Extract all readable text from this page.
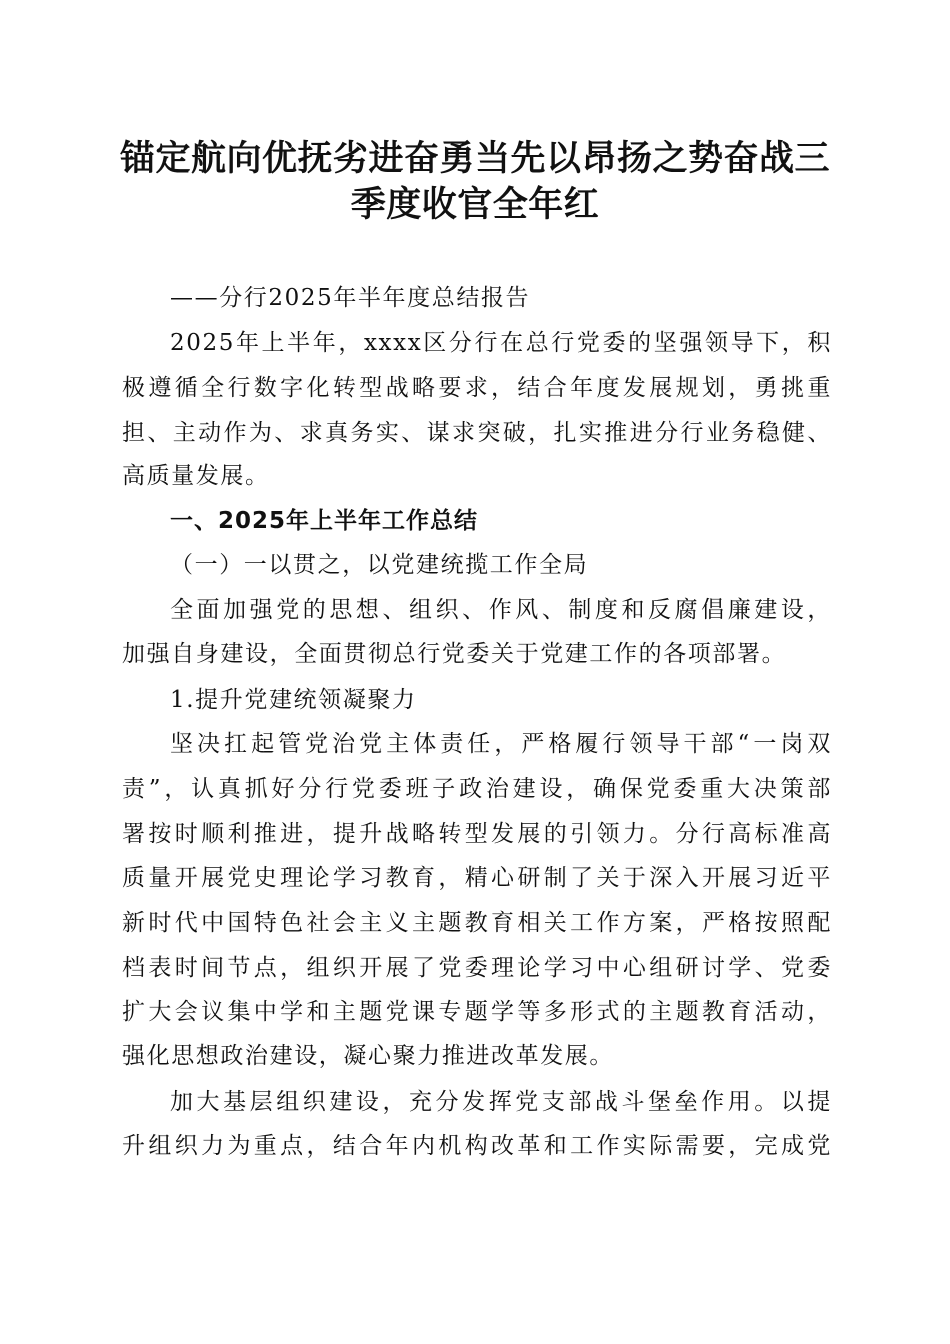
锚定航向优抚劣进奋勇当先以昂扬之势奋战三
季度收官全年红

——分行2025年半年度总结报告

2025年上半年，xxxx区分行在总行党委的坚强领导下，积

极遵循全行数字化转型战略要求，结合年度发展规划，勇挑重

担、主动作为、求真务实、谋求突破，扎实推进分行业务稳健、

高质量发展。

一、2025年上半年工作总结

（一）一以贯之，以党建统揽工作全局

全面加强党的思想、组织、作风、制度和反腐倡廉建设，

加强自身建设，全面贯彻总行党委关于党建工作的各项部署。

1.提升党建统领凝聚力

坚决扛起管党治党主体责任，严格履行领导干部“一岗双

责”，认真抓好分行党委班子政治建设，确保党委重大决策部

署按时顺利推进，提升战略转型发展的引领力。分行高标准高

质量开展党史理论学习教育，精心研制了关于深入开展习近平

新时代中国特色社会主义主题教育相关工作方案，严格按照配

档表时间节点，组织开展了党委理论学习中心组研讨学、党委

扩大会议集中学和主题党课专题学等多形式的主题教育活动，

强化思想政治建设，凝心聚力推进改革发展。

加大基层组织建设，充分发挥党支部战斗堡垒作用。以提

升组织力为重点，结合年内机构改革和工作实际需要，完成党
